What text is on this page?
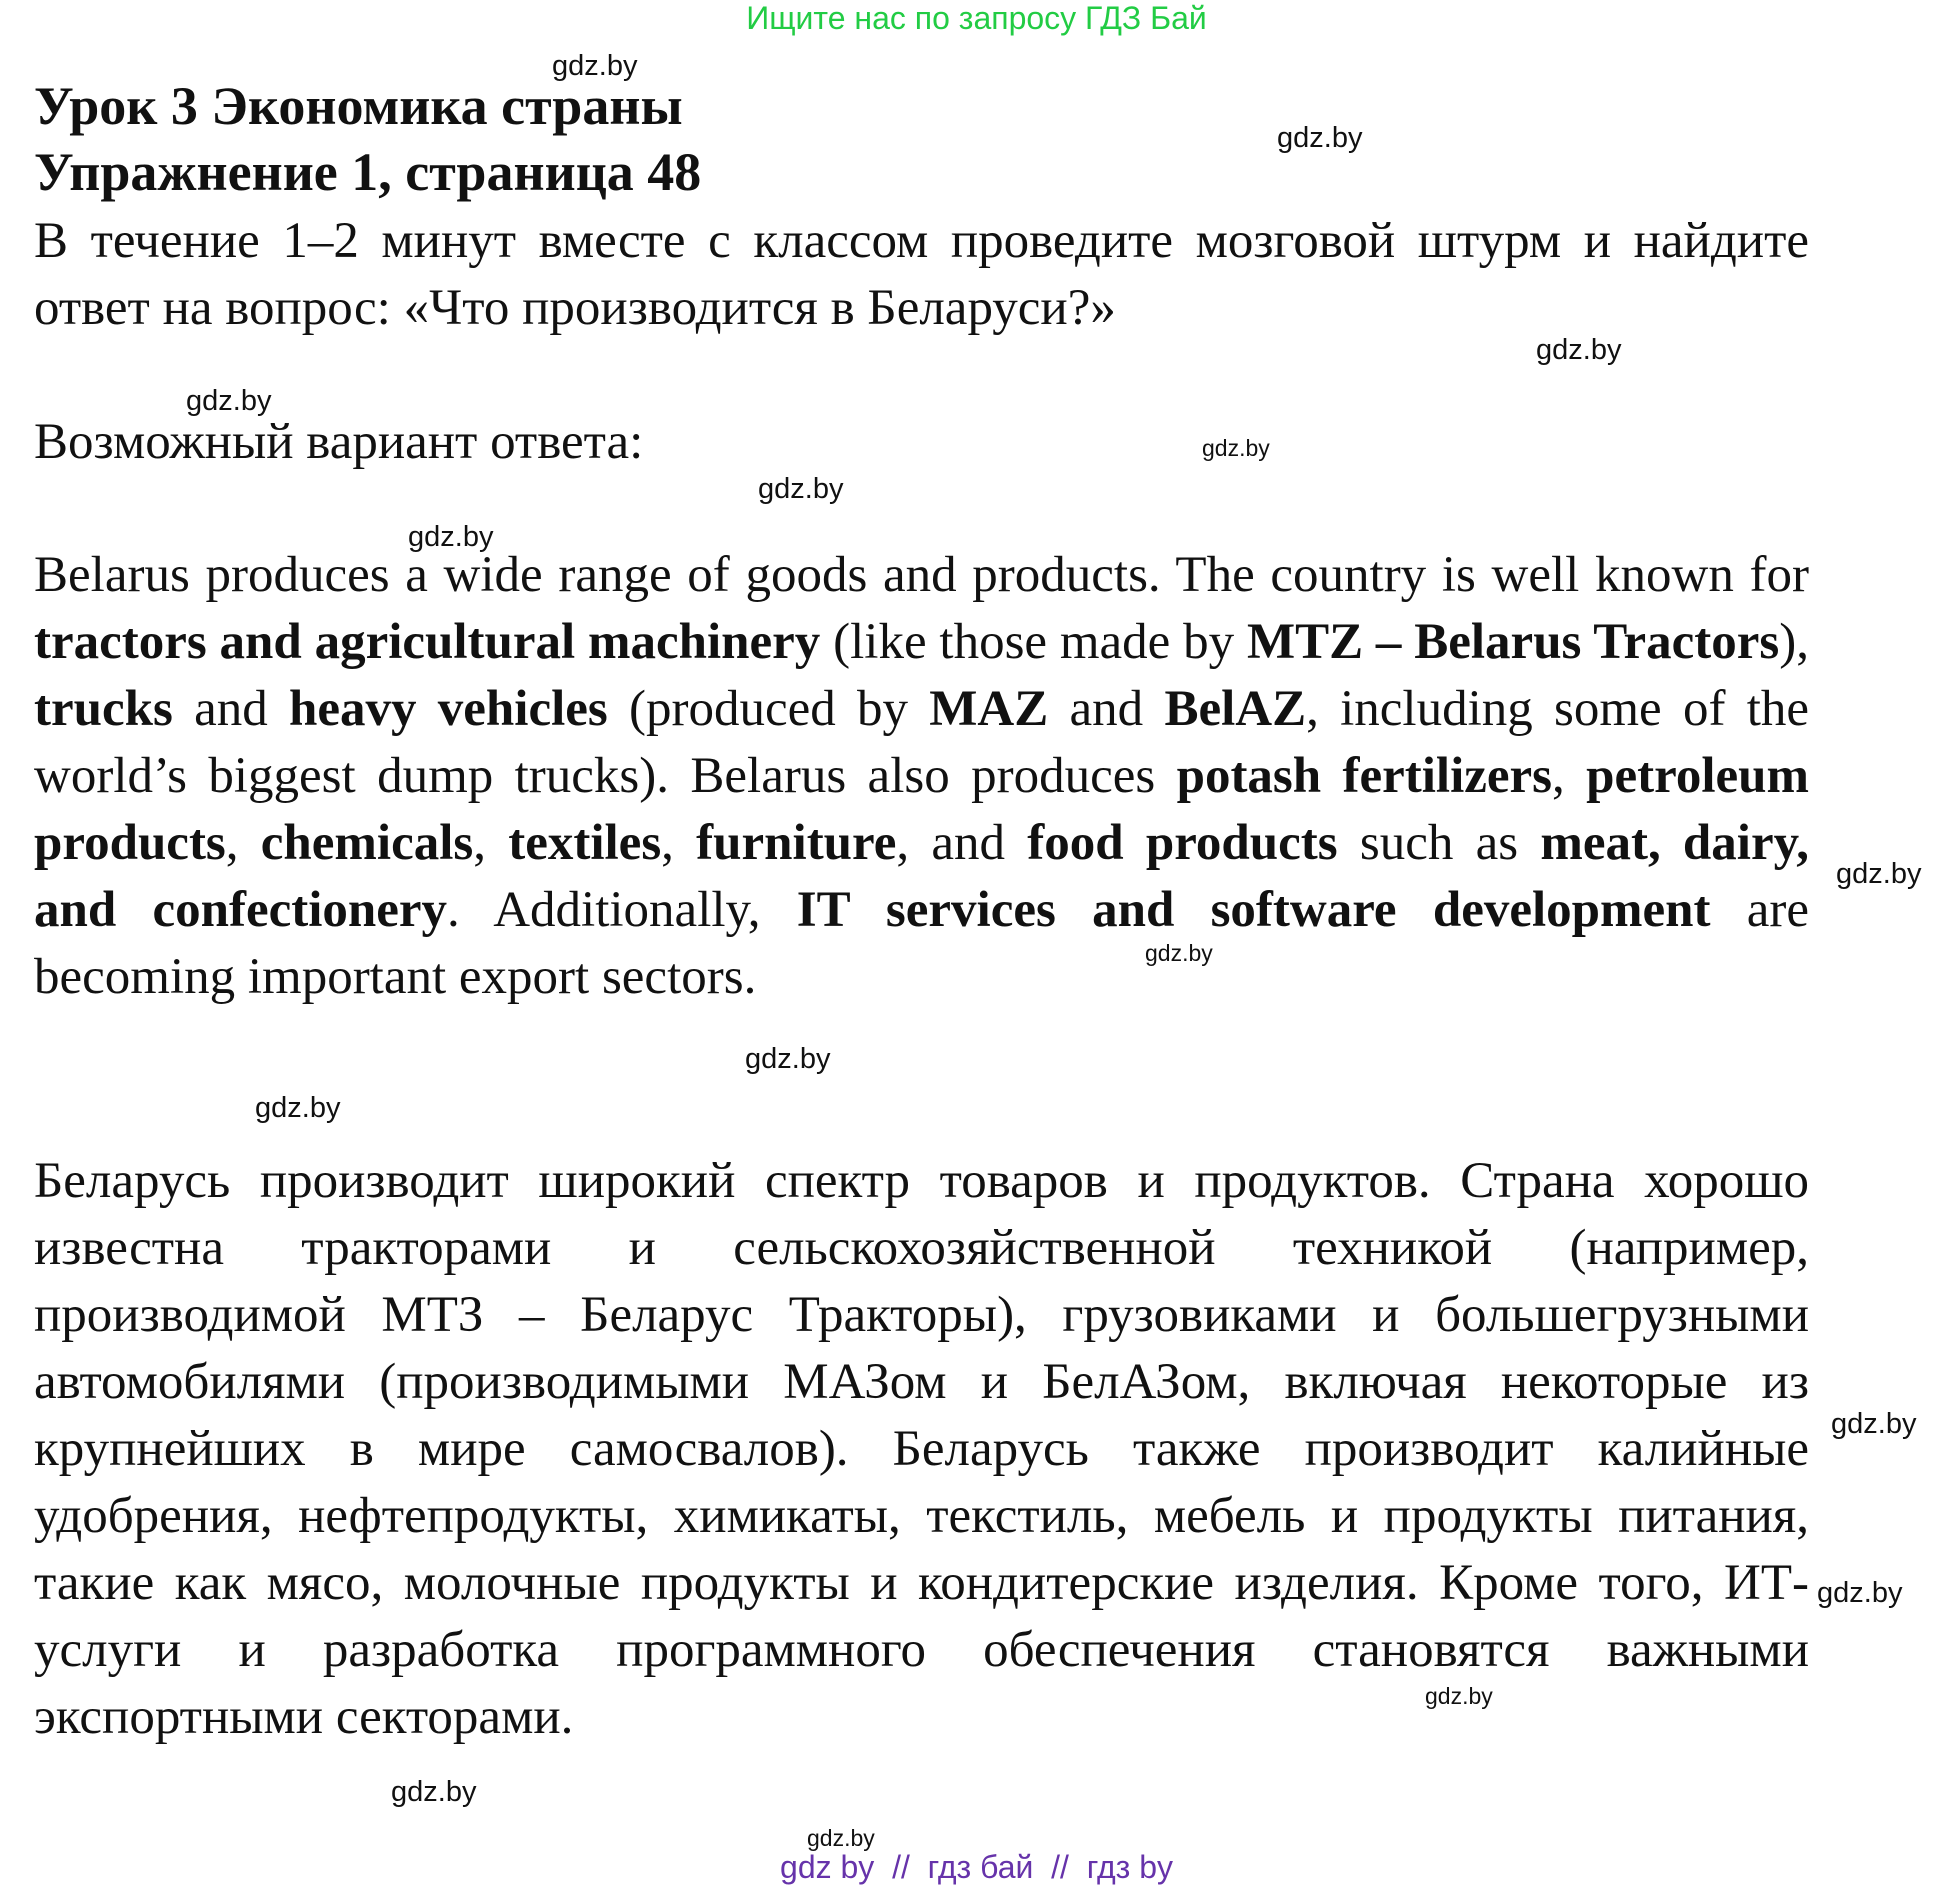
Ищите нас по запросу ГДЗ Бай
Урок 3 Экономика страны
Упражнение 1, страница 48

В течение 1–2 минут вместе с классом проведите мозговой штурм и найдите ответ на вопрос: «Что производится в Беларуси?»

Возможный вариант ответа:

Belarus produces a wide range of goods and products. The country is well known for tractors and agricultural machinery (like those made by MTZ – Belarus Tractors), trucks and heavy vehicles (produced by MAZ and BelAZ, including some of the world’s biggest dump trucks). Belarus also produces potash fertilizers, petroleum products, chemicals, textiles, furniture, and food products such as meat, dairy, and confectionery. Additionally, IT services and software development are becoming important export sectors.

Беларусь производит широкий спектр товаров и продуктов. Страна хорошо известна тракторами и сельскохозяйственной техникой (например, производимой МТЗ – Беларус Тракторы), грузовиками и большегрузными автомобилями (производимыми МАЗом и БелАЗом, включая некоторые из крупнейших в мире самосвалов). Беларусь также производит калийные удобрения, нефтепродукты, химикаты, текстиль, мебель и продукты питания, такие как мясо, молочные продукты и кондитерские изделия. Кроме того, ИТ-услуги и разработка программного обеспечения становятся важными экспортными секторами.

gdz.by
gdz.by
gdz.by
gdz.by
gdz.by
gdz.by
gdz.by
gdz.by
gdz.by
gdz.by
gdz.by
gdz.by
gdz.by
gdz.by
gdz.by
gdz.by
gdz by  //  гдз бай  //  гдз by
